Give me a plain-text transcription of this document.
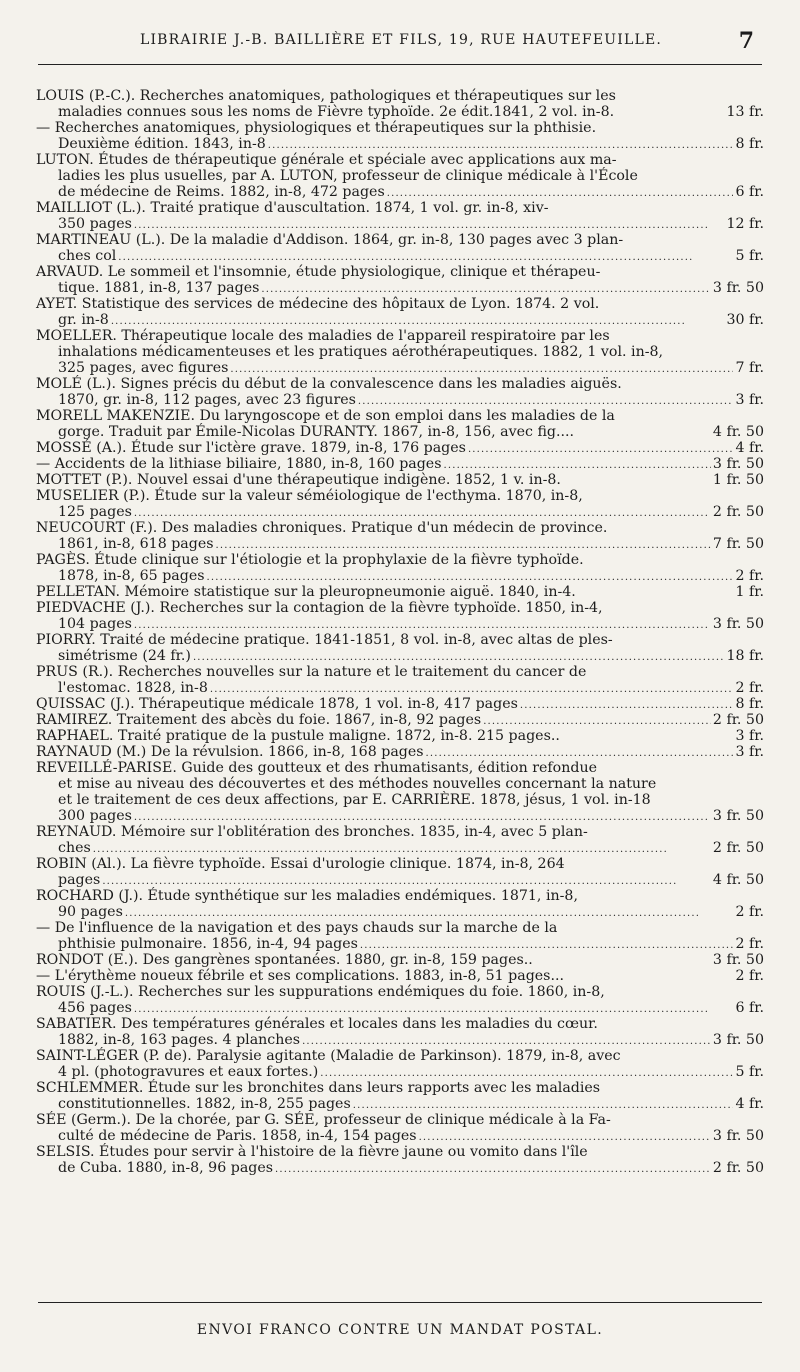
LIBRAIRIE J.-B. BAILLIÈRE ET FILS, 19, RUE HAUTEFEUILLE.	7
LOUIS (P.-C.). Recherches anatomiques, pathologiques et thérapeutiques sur les
maladies connues sous les noms de Fièvre typhoïde. 2e édit.1841, 2 vol. in-8.	13 fr.
— Recherches anatomiques, physiologiques et thérapeutiques sur la phthisie.
Deuxième édition. 1843, in-8 . . .	8 fr.
LUTON. Études de thérapeutique générale et spéciale avec applications aux ma-
ladies les plus usuelles, par A. LUTON, professeur de clinique médicale à l'École
de médecine de Reims. 1882, in-8, 472 pages . . .	6 fr.
MAILLIOT (L.). Traité pratique d'auscultation. 1874, 1 vol. gr. in-8, xiv-
350 pages . . .	12 fr.
MARTINEAU (L.). De la maladie d'Addison. 1864, gr. in-8, 130 pages avec 3 plan-
ches col . . .	5 fr.
ARVAUD. Le sommeil et l'insomnie, étude physiologique, clinique et thérapeu-
tique. 1881, in-8, 137 pages . . .	3 fr. 50
AYET. Statistique des services de médecine des hôpitaux de Lyon. 1874. 2 vol.
gr. in-8 . . .	30 fr.
MOELLER. Thérapeutique locale des maladies de l'appareil respiratoire par les
inhalations médicamenteuses et les pratiques aérothérapeutiques. 1882, 1 vol. in-8,
325 pages, avec figures . . .	7 fr.
MOLÉ (L.). Signes précis du début de la convalescence dans les maladies aiguës.
1870, gr. in-8, 112 pages, avec 23 figures . . .	3 fr.
MORELL MAKENZIE. Du laryngoscope et de son emploi dans les maladies de la
gorge. Traduit par Émile-Nicolas DURANTY. 1867, in-8, 156, avec fig....	4 fr. 50
MOSSÉ (A.). Étude sur l'ictère grave. 1879, in-8, 176 pages . . .	4 fr.
— Accidents de la lithiase biliaire, 1880, in-8, 160 pages . . .	3 fr. 50
MOTTET (P.). Nouvel essai d'une thérapeutique indigène. 1852, 1 v. in-8.	1 fr. 50
MUSELIER (P.). Étude sur la valeur séméiologique de l'ecthyma. 1870, in-8,
125 pages . . .	2 fr. 50
NEUCOURT (F.). Des maladies chroniques. Pratique d'un médecin de province.
1861, in-8, 618 pages . . .	7 fr. 50
PAGÈS. Étude clinique sur l'étiologie et la prophylaxie de la fièvre typhoïde.
1878, in-8, 65 pages . . .	2 fr.
PELLETAN. Mémoire statistique sur la pleuropneumonie aiguë. 1840, in-4.	1 fr.
PIEDVACHE (J.). Recherches sur la contagion de la fièvre typhoïde. 1850, in-4,
104 pages . . .	3 fr. 50
PIORRY. Traité de médecine pratique. 1841-1851, 8 vol. in-8, avec altas de ples-
simétrisme (24 fr.) . . .	18 fr.
PRUS (R.). Recherches nouvelles sur la nature et le traitement du cancer de
l'estomac. 1828, in-8 . . .	2 fr.
QUISSAC (J.). Thérapeutique médicale 1878, 1 vol. in-8, 417 pages . . .	8 fr.
RAMIREZ. Traitement des abcès du foie. 1867, in-8, 92 pages . . .	2 fr. 50
RAPHAEL. Traité pratique de la pustule maligne. 1872, in-8. 215 pages..	3 fr.
RAYNAUD (M.) De la révulsion. 1866, in-8, 168 pages . . .	3 fr.
REVEILLÉ-PARISE. Guide des goutteux et des rhumatisants, édition refondue
et mise au niveau des découvertes et des méthodes nouvelles concernant la nature
et le traitement de ces deux affections, par E. CARRIÈRE. 1878, jésus, 1 vol. in-18
300 pages . . .	3 fr. 50
REYNAUD. Mémoire sur l'oblitération des bronches. 1835, in-4, avec 5 plan-
ches . . .	2 fr. 50
ROBIN (Al.). La fièvre typhoïde. Essai d'urologie clinique. 1874, in-8, 264
pages . . .	4 fr. 50
ROCHARD (J.). Étude synthétique sur les maladies endémiques. 1871, in-8,
90 pages . . .	2 fr.
— De l'influence de la navigation et des pays chauds sur la marche de la
phthisie pulmonaire. 1856, in-4, 94 pages . . .	2 fr.
RONDOT (E.). Des gangrènes spontanées. 1880, gr. in-8, 159 pages..	3 fr. 50
— L'érythème noueux fébrile et ses complications. 1883, in-8, 51 pages...	2 fr.
ROUIS (J.-L.). Recherches sur les suppurations endémiques du foie. 1860, in-8,
456 pages . . .	6 fr.
SABATIER. Des températures générales et locales dans les maladies du cœur.
1882, in-8, 163 pages. 4 planches . . .	3 fr. 50
SAINT-LÉGER (P. de). Paralysie agitante (Maladie de Parkinson). 1879, in-8, avec
4 pl. (photogravures et eaux fortes.) . . .	5 fr.
SCHLEMMER. Étude sur les bronchites dans leurs rapports avec les maladies
constitutionnelles. 1882, in-8, 255 pages . . .	4 fr.
SÉE (Germ.). De la chorée, par G. SÉE, professeur de clinique médicale à la Fa-
culté de médecine de Paris. 1858, in-4, 154 pages . . .	3 fr. 50
SELSIS. Études pour servir à l'histoire de la fièvre jaune ou vomito dans l'île
de Cuba. 1880, in-8, 96 pages . . .	2 fr. 50
ENVOI FRANCO CONTRE UN MANDAT POSTAL.
